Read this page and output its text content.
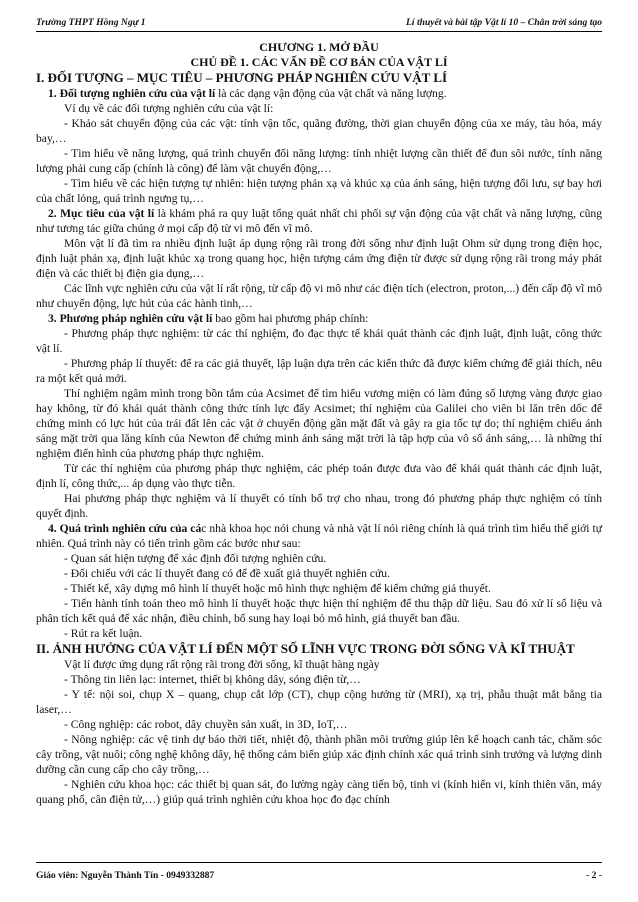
Trường THPT Hồng Ngự 1	Lí thuyết và bài tập Vật lí 10 – Chân trời sáng tạo

CHƯƠNG 1. MỞ ĐẦU

CHỦ ĐỀ 1. CÁC VẤN ĐỀ CƠ BẢN CỦA VẬT LÍ

I. ĐỐI TƯỢNG – MỤC TIÊU – PHƯƠNG PHÁP NGHIÊN CỨU VẬT LÍ

1. Đối tượng nghiên cứu của vật lí là các dạng vận động của vật chất và năng lượng.

Ví dụ về các đối tượng nghiên cứu của vật lí:

- Khảo sát chuyển động của các vật: tính vận tốc, quãng đường, thời gian chuyển động của xe máy, tàu hỏa, máy bay,…

- Tìm hiểu về năng lượng, quá trình chuyển đổi năng lượng: tính nhiệt lượng cần thiết để đun sôi nước, tính năng lượng phải cung cấp (chính là công) để làm vật chuyển động,…

- Tìm hiểu về các hiện tượng tự nhiên: hiện tượng phản xạ và khúc xạ của ánh sáng, hiện tượng đổi lưu, sự bay hơi của chất lỏng, quá trình ngưng tụ,…

2. Mục tiêu của vật lí là khám phá ra quy luật tổng quát nhất chi phối sự vận động của vật chất và năng lượng, cũng như tương tác giữa chúng ở mọi cấp độ từ vi mô đến vĩ mô.

Môn vật lí đã tìm ra nhiều định luật áp dụng rộng rãi trong đời sống như định luật Ohm sử dụng trong điện học, định luật phản xạ, định luật khúc xạ trong quang học, hiện tượng cảm ứng điện từ được sử dụng rộng rãi trong máy phát điện và các thiết bị điện gia dụng,…

Các lĩnh vực nghiên cứu của vật lí rất rộng, từ cấp độ vi mô như các điện tích (electron, proton,...) đến cấp độ vĩ mô như chuyển động, lực hút của các hành tinh,…

3. Phương pháp nghiên cứu vật lí bao gồm hai phương pháp chính:

- Phương pháp thực nghiệm: từ các thí nghiệm, đo đạc thực tế khái quát thành các định luật, định luật, công thức vật lí.

- Phương pháp lí thuyết: để ra các giả thuyết, lập luận dựa trên các kiến thức đã được kiểm chứng để giải thích, nêu ra một kết quả mới.

Thí nghiệm ngâm mình trong bồn tắm của Acsimet để tìm hiểu vương miện có làm đúng số lượng vàng được giao hay không, từ đó khái quát thành công thức tính lực đẩy Acsimet; thí nghiệm của Galilei cho viên bi lăn trên dốc để chứng minh có lực hút của trái đất lên các vật ở chuyển động gần mặt đất và gây ra gia tốc tự do; thí nghiệm chiếu ánh sáng mặt trời qua lăng kính của Newton để chứng minh ánh sáng mặt trời là tập hợp của vô số ánh sáng,… là những thí nghiệm điển hình của phương pháp thực nghiệm.

Từ các thí nghiệm của phương pháp thực nghiệm, các phép toán được đưa vào để khái quát thành các định luật, định lí, công thức,... áp dụng vào thực tiễn.

Hai phương pháp thực nghiệm và lí thuyết có tính bổ trợ cho nhau, trong đó phương pháp thực nghiệm có tính quyết định.

4. Quá trình nghiên cứu của các nhà khoa học nói chung và nhà vật lí nói riêng chính là quá trình tìm hiểu thế giới tự nhiên. Quá trình này có tiến trình gồm các bước như sau:

- Quan sát hiện tượng để xác định đối tượng nghiên cứu.

- Đối chiếu với các lí thuyết đang có để đề xuất giả thuyết nghiên cứu.

- Thiết kế, xây dựng mô hình lí thuyết hoặc mô hình thực nghiệm để kiểm chứng giả thuyết.

- Tiến hành tính toán theo mô hình lí thuyết hoặc thực hiện thí nghiệm để thu thập dữ liệu. Sau đó xử lí số liệu và phân tích kết quả để xác nhận, điều chỉnh, bổ sung hay loại bỏ mô hình, giả thuyết ban đầu.

- Rút ra kết luận.

II. ẢNH HƯỞNG CỦA VẬT LÍ ĐẾN MỘT SỐ LĨNH VỰC TRONG ĐỜI SỐNG VÀ KĨ THUẬT

Vật lí được ứng dụng rất rộng rãi trong đời sống, kĩ thuật hàng ngày

- Thông tin liên lạc: internet, thiết bị không dây, sóng điện từ,…

- Y tế: nội soi, chụp X – quang, chụp cắt lớp (CT), chụp cộng hưởng từ (MRI), xạ trị, phẫu thuật mắt bằng tia laser,…

- Công nghiệp: các robot, dây chuyền sản xuất, in 3D, IoT,…

- Nông nghiệp: các vệ tinh dự báo thời tiết, nhiệt độ, thành phần môi trường giúp lên kế hoạch canh tác, chăm sóc cây trồng, vật nuôi; công nghệ không dây, hệ thống cảm biến giúp xác định chính xác quá trình sinh trưởng và lượng dinh dưỡng cần cung cấp cho cây trồng,…

- Nghiên cứu khoa học: các thiết bị quan sát, đo lường ngày càng tiến bộ, tinh vi (kính hiển vi, kính thiên văn, máy quang phổ, cân điện tử,…) giúp quá trình nghiên cứu khoa học đo đạc chính

Giáo viên: Nguyễn Thành Tín - 0949332887	- 2 -
